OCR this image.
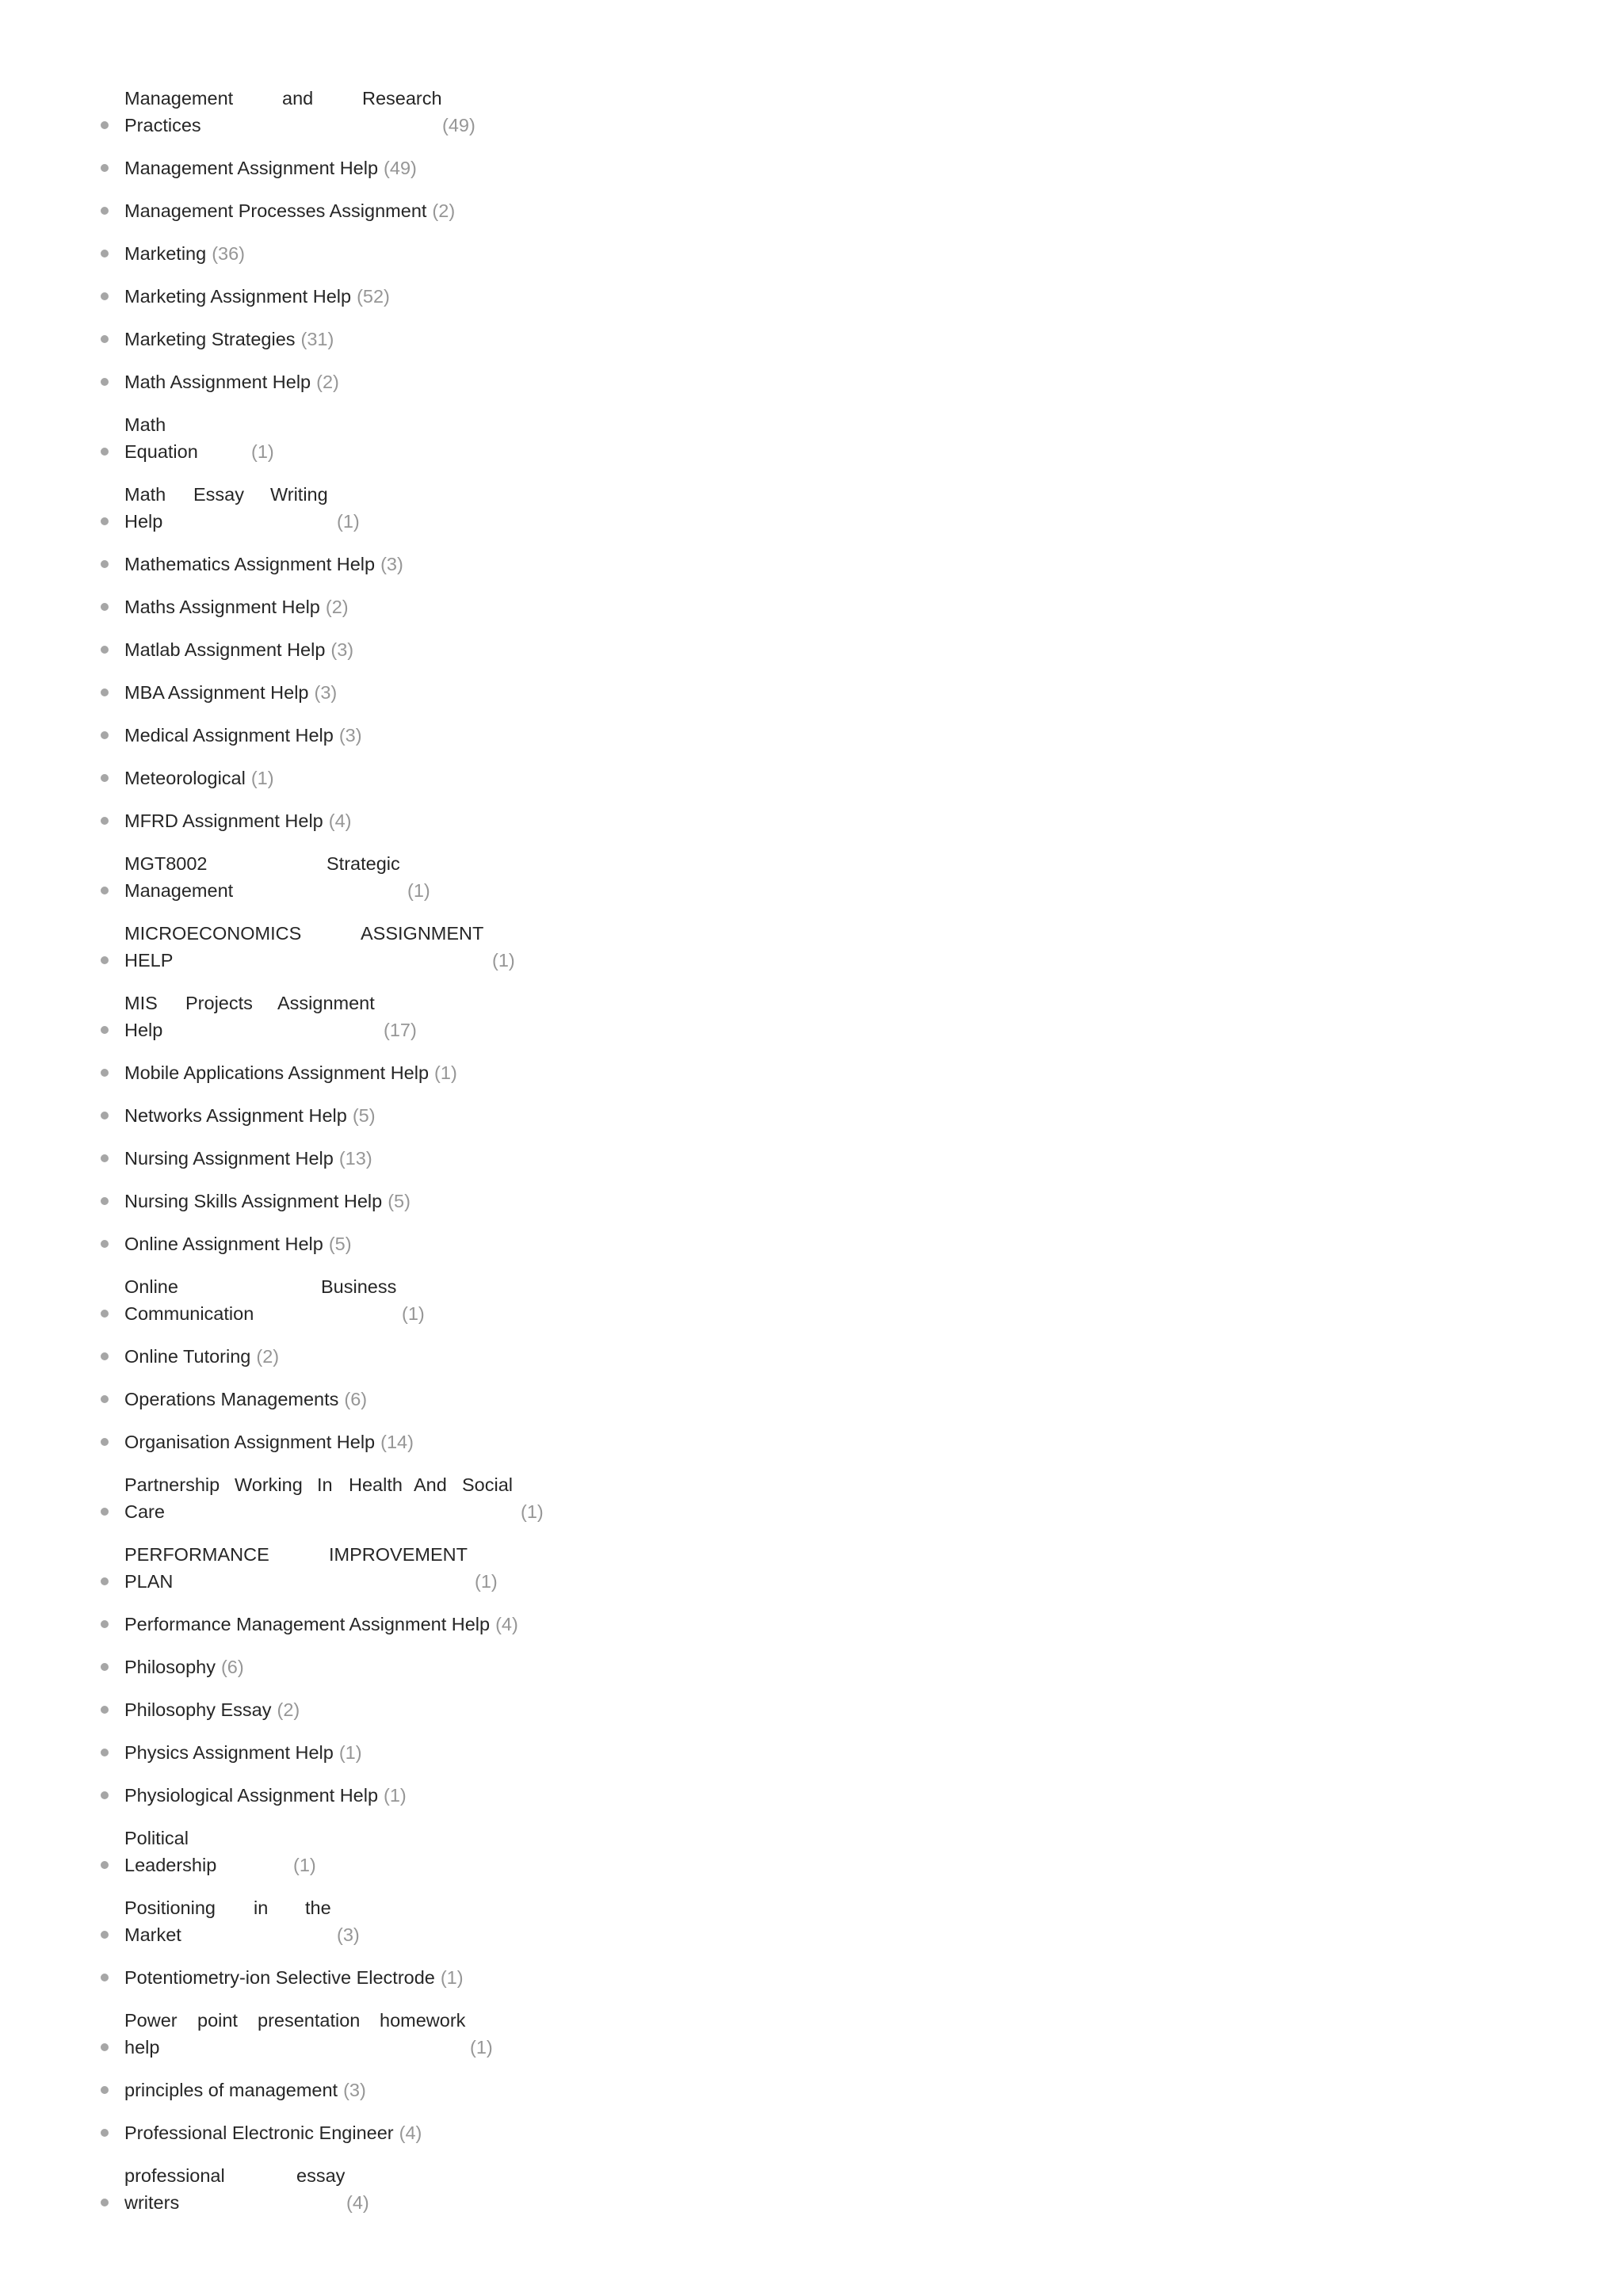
Management	and	Research
Practices	(49)
Management Assignment Help (49)
Management Processes Assignment (2)
Marketing (36)
Marketing Assignment Help (52)
Marketing Strategies (31)
Math Assignment Help (2)
Math
Equation	(1)
Math Essay Writing
Help	(1)
Mathematics Assignment Help (3)
Maths Assignment Help (2)
Matlab Assignment Help (3)
MBA Assignment Help (3)
Medical Assignment Help (3)
Meteorological (1)
MFRD Assignment Help (4)
MGT8002	Strategic
Management	(1)
MICROECONOMICS	ASSIGNMENT
HELP	(1)
MIS Projects Assignment
Help	(17)
Mobile Applications Assignment Help (1)
Networks Assignment Help (5)
Nursing Assignment Help (13)
Nursing Skills Assignment Help (5)
Online Assignment Help (5)
Online	Business
Communication	(1)
Online Tutoring (2)
Operations Managements (6)
Organisation Assignment Help (14)
Partnership Working In Health And Social
Care	(1)
PERFORMANCE	IMPROVEMENT
PLAN	(1)
Performance Management Assignment Help (4)
Philosophy (6)
Philosophy Essay (2)
Physics Assignment Help (1)
Physiological Assignment Help (1)
Political
Leadership	(1)
Positioning in the
Market	(3)
Potentiometry-ion Selective Electrode (1)
Power point presentation homework
help	(1)
principles of management (3)
Professional Electronic Engineer (4)
professional	essay
writers	(4)
